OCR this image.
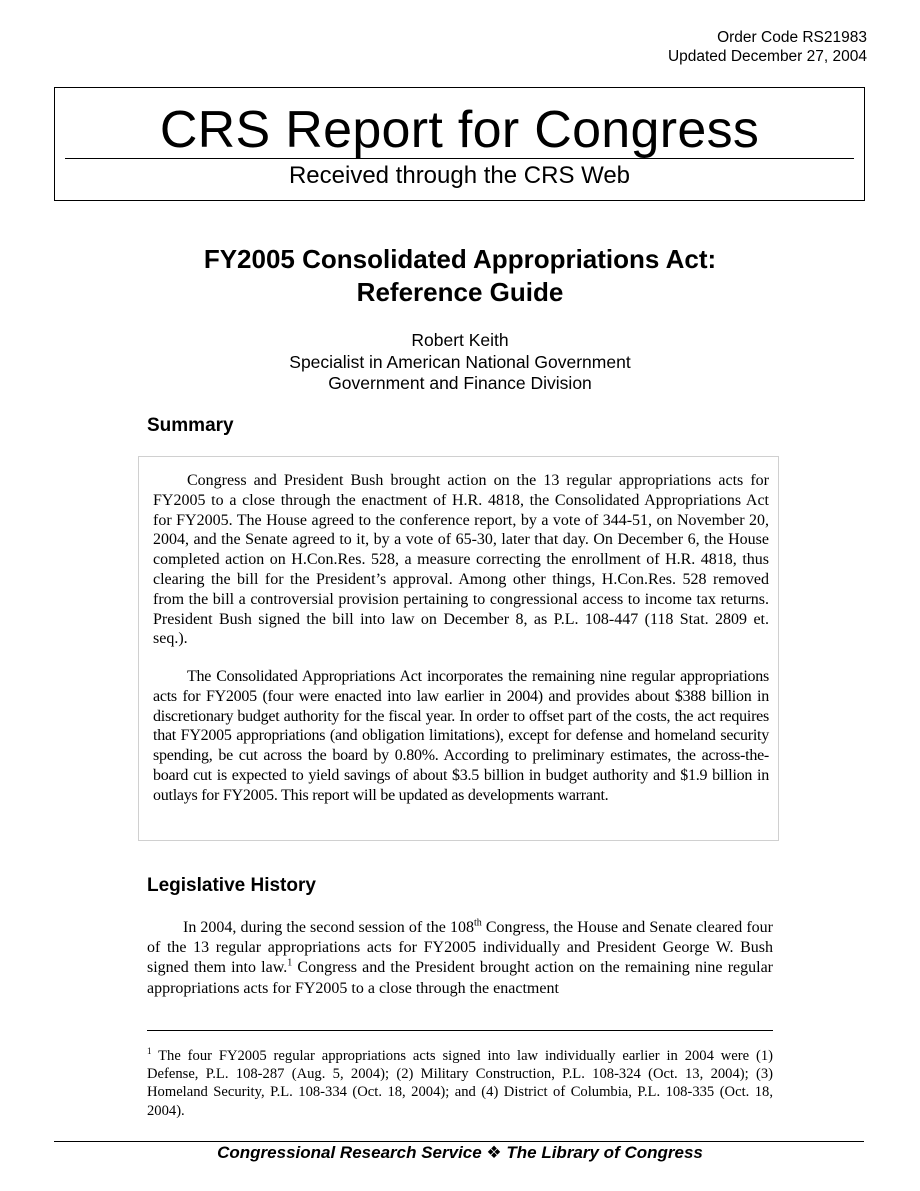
Order Code RS21983
Updated December 27, 2004
CRS Report for Congress
Received through the CRS Web
FY2005 Consolidated Appropriations Act:
Reference Guide
Robert Keith
Specialist in American National Government
Government and Finance Division
Summary

Congress and President Bush brought action on the 13 regular appropriations acts for FY2005 to a close through the enactment of H.R. 4818, the Consolidated Appropriations Act for FY2005. The House agreed to the conference report, by a vote of 344-51, on November 20, 2004, and the Senate agreed to it, by a vote of 65-30, later that day. On December 6, the House completed action on H.Con.Res. 528, a measure correcting the enrollment of H.R. 4818, thus clearing the bill for the President’s approval. Among other things, H.Con.Res. 528 removed from the bill a controversial provision pertaining to congressional access to income tax returns. President Bush signed the bill into law on December 8, as P.L. 108-447 (118 Stat. 2809 et. seq.).

The Consolidated Appropriations Act incorporates the remaining nine regular appropriations acts for FY2005 (four were enacted into law earlier in 2004) and provides about $388 billion in discretionary budget authority for the fiscal year. In order to offset part of the costs, the act requires that FY2005 appropriations (and obligation limitations), except for defense and homeland security spending, be cut across the board by 0.80%. According to preliminary estimates, the across-the-board cut is expected to yield savings of about $3.5 billion in budget authority and $1.9 billion in outlays for FY2005. This report will be updated as developments warrant.

Legislative History

In 2004, during the second session of the 108th Congress, the House and Senate cleared four of the 13 regular appropriations acts for FY2005 individually and President George W. Bush signed them into law.$^1$ Congress and the President brought action on the remaining nine regular appropriations acts for FY2005 to a close through the enactment

$^1$ The four FY2005 regular appropriations acts signed into law individually earlier in 2004 were (1) Defense, P.L. 108-287 (Aug. 5, 2004); (2) Military Construction, P.L. 108-324 (Oct. 13, 2004); (3) Homeland Security, P.L. 108-334 (Oct. 18, 2004); and (4) District of Columbia, P.L. 108-335 (Oct. 18, 2004).

Congressional Research Service ❖ The Library of Congress
